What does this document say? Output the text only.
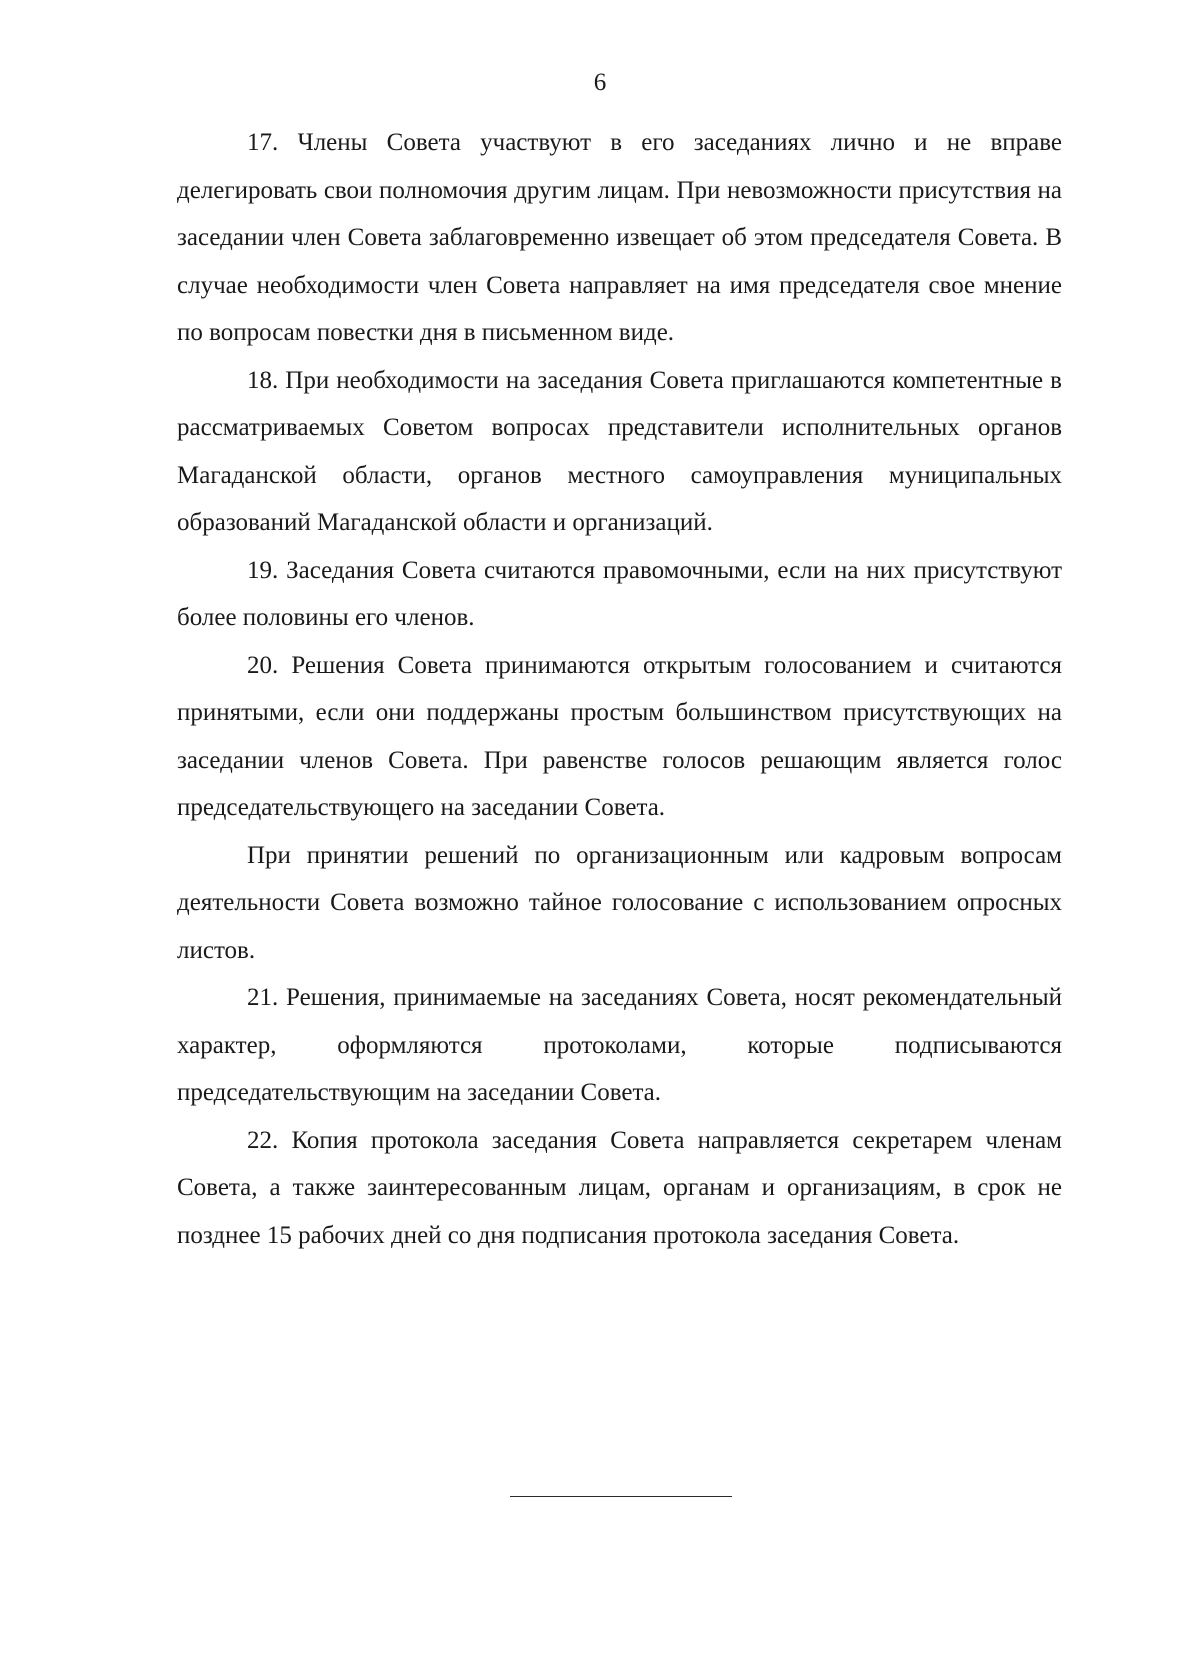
6

17. Члены Совета участвуют в его заседаниях лично и не вправе делегировать свои полномочия другим лицам. При невозможности присутствия на заседании член Совета заблаговременно извещает об этом председателя Совета. В случае необходимости член Совета направляет на имя председателя свое мнение по вопросам повестки дня в письменном виде.

18. При необходимости на заседания Совета приглашаются компетентные в рассматриваемых Советом вопросах представители исполнительных органов Магаданской области, органов местного самоуправления муниципальных образований Магаданской области и организаций.

19. Заседания Совета считаются правомочными, если на них присутствуют более половины его членов.

20. Решения Совета принимаются открытым голосованием и считаются принятыми, если они поддержаны простым большинством присутствующих на заседании членов Совета. При равенстве голосов решающим является голос председательствующего на заседании Совета.

При принятии решений по организационным или кадровым вопросам деятельности Совета возможно тайное голосование с использованием опросных листов.

21. Решения, принимаемые на заседаниях Совета, носят рекомендательный характер, оформляются протоколами, которые подписываются председательствующим на заседании Совета.

22. Копия протокола заседания Совета направляется секретарем членам Совета, а также заинтересованным лицам, органам и организациям, в срок не позднее 15 рабочих дней со дня подписания протокола заседания Совета.
